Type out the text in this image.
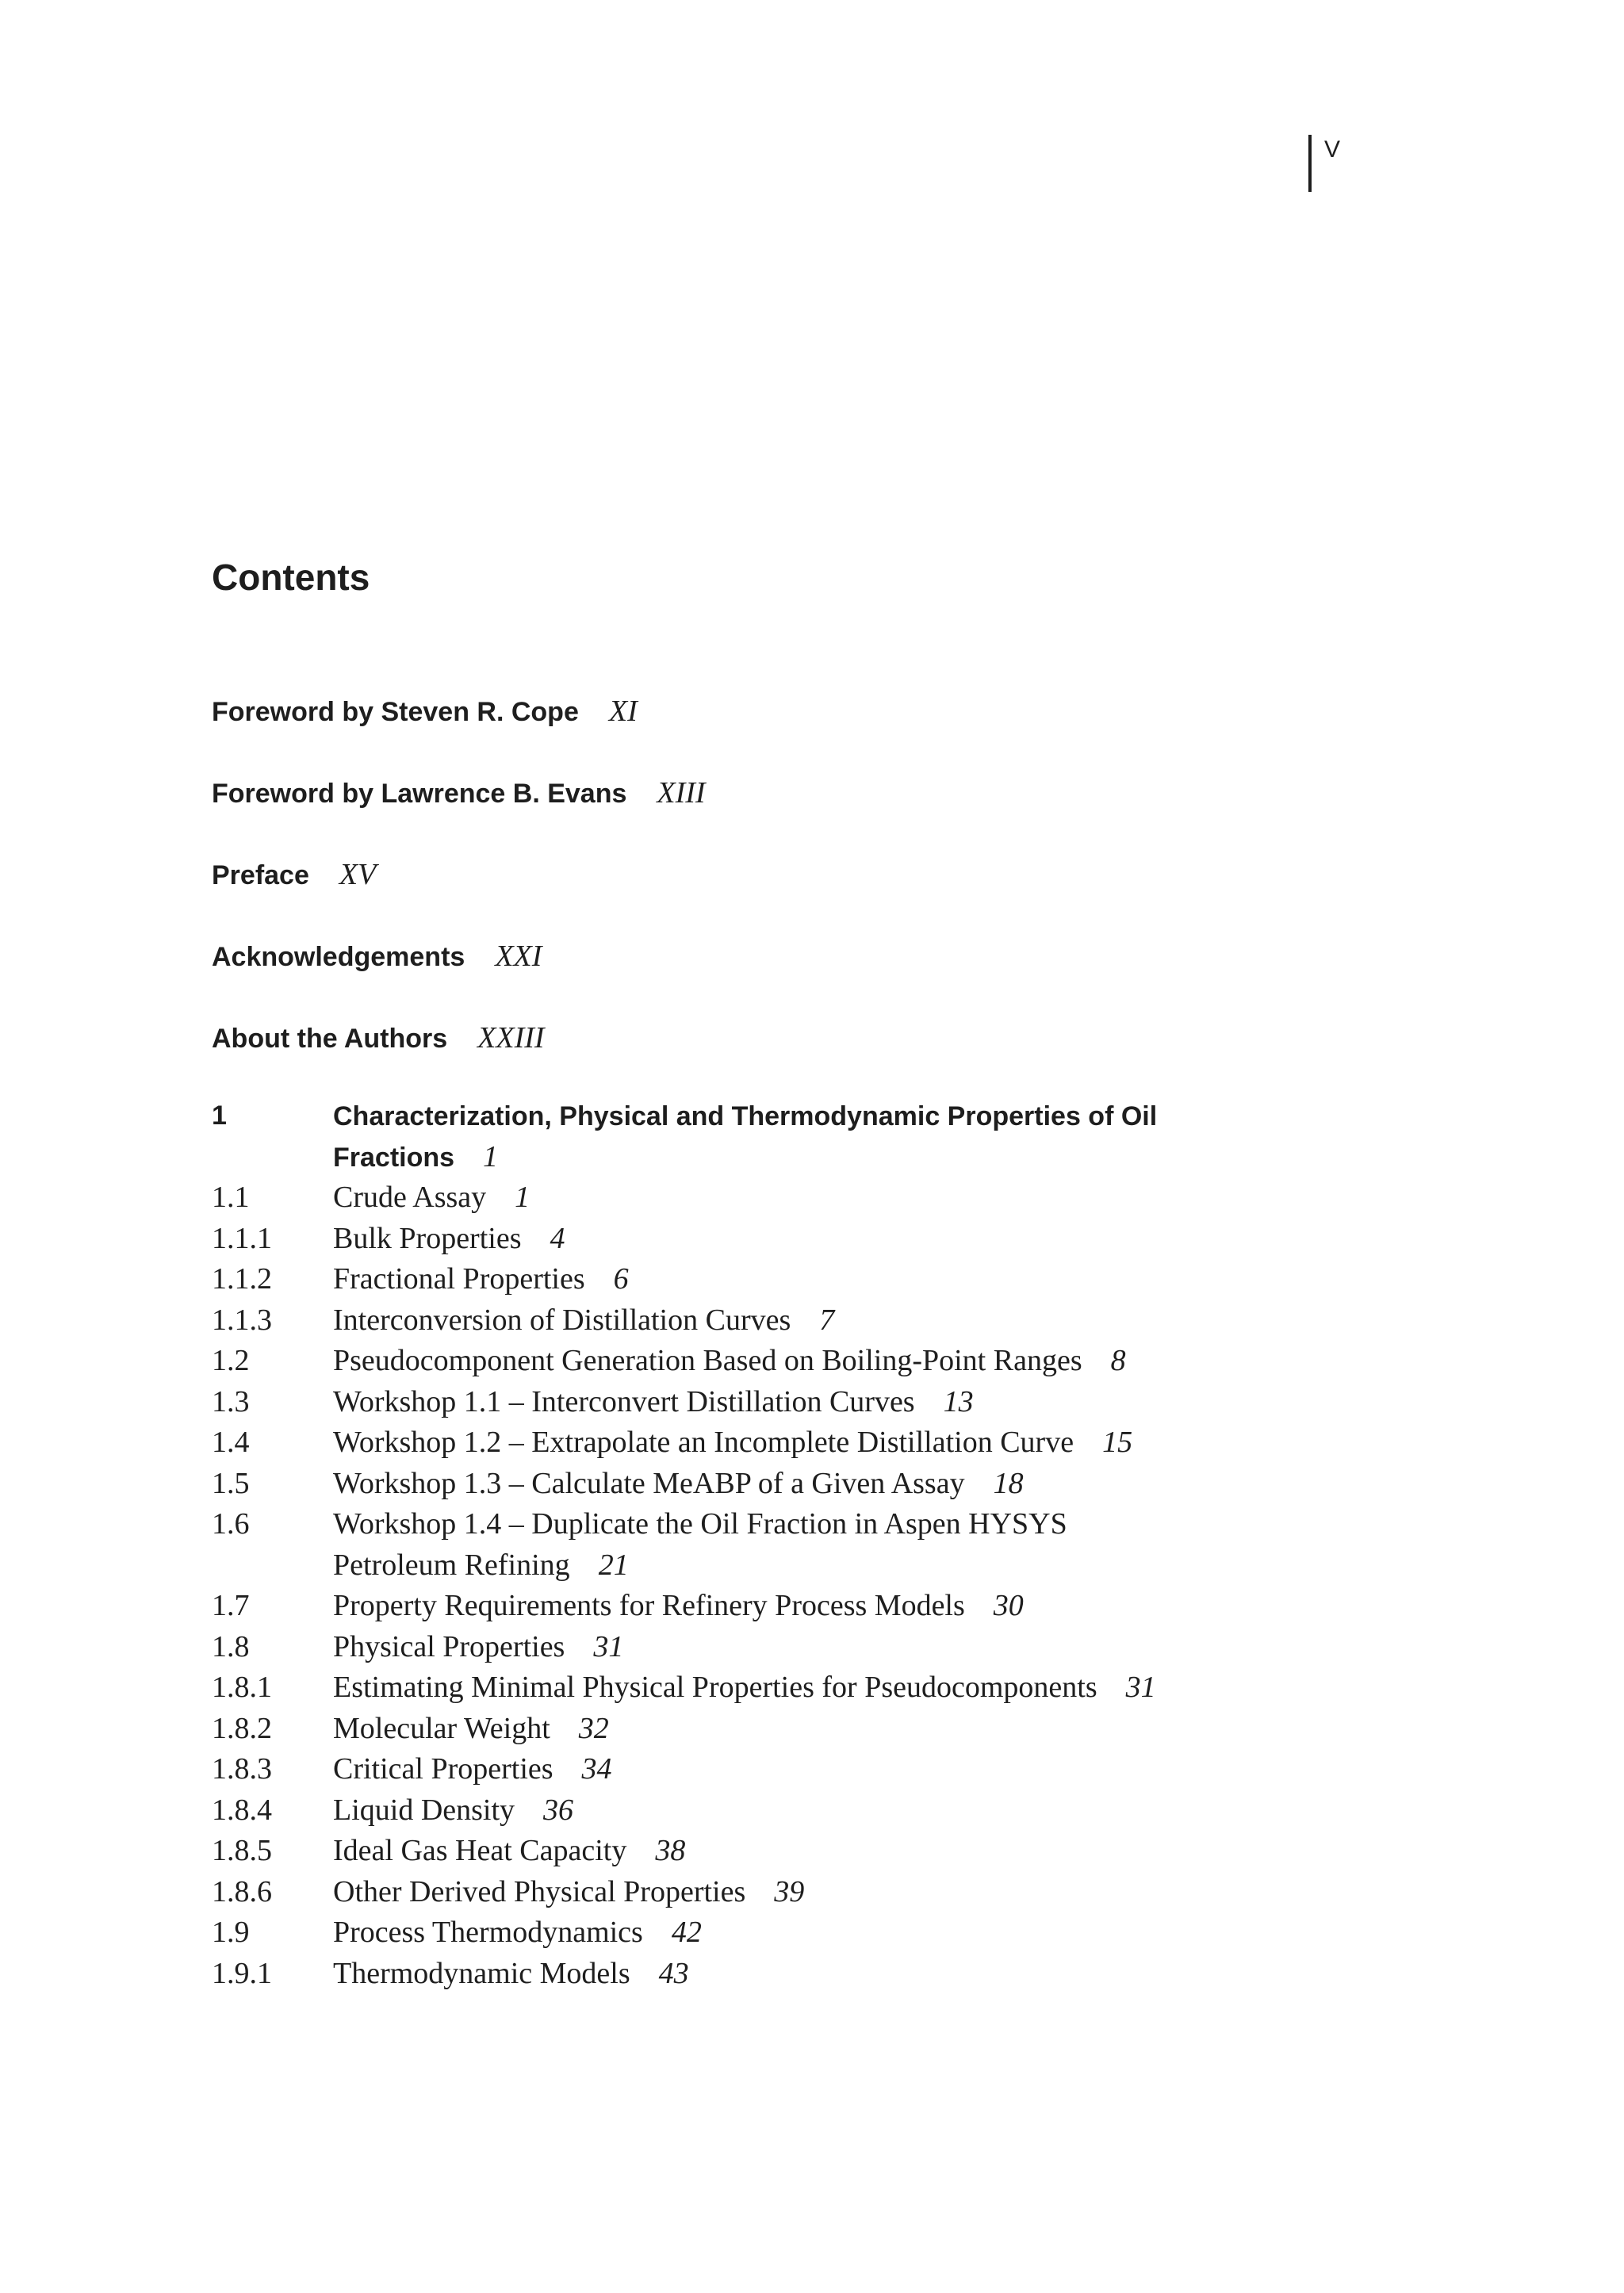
V
Contents
Foreword by Steven R. Cope XI
Foreword by Lawrence B. Evans XIII
Preface XV
Acknowledgements XXI
About the Authors XXIII
1	Characterization, Physical and Thermodynamic Properties of Oil
Fractions 1
1.1	Crude Assay 1
1.1.1 Bulk Properties 4
1.1.2 Fractional Properties 6
1.1.3 Interconversion of Distillation Curves 7
1.2	Pseudocomponent Generation Based on Boiling-Point Ranges 8
1.3	Workshop 1.1 – Interconvert Distillation Curves 13
1.4	Workshop 1.2 – Extrapolate an Incomplete Distillation Curve 15
1.5	Workshop 1.3 – Calculate MeABP of a Given Assay 18
1.6	Workshop 1.4 – Duplicate the Oil Fraction in Aspen HYSYS
Petroleum Refining 21
1.7	Property Requirements for Refinery Process Models 30
1.8	Physical Properties 31
1.8.1 Estimating Minimal Physical Properties for Pseudocomponents 31
1.8.2 Molecular Weight 32
1.8.3 Critical Properties 34
1.8.4 Liquid Density 36
1.8.5 Ideal Gas Heat Capacity 38
1.8.6 Other Derived Physical Properties 39
1.9	Process Thermodynamics 42
1.9.1 Thermodynamic Models 43
